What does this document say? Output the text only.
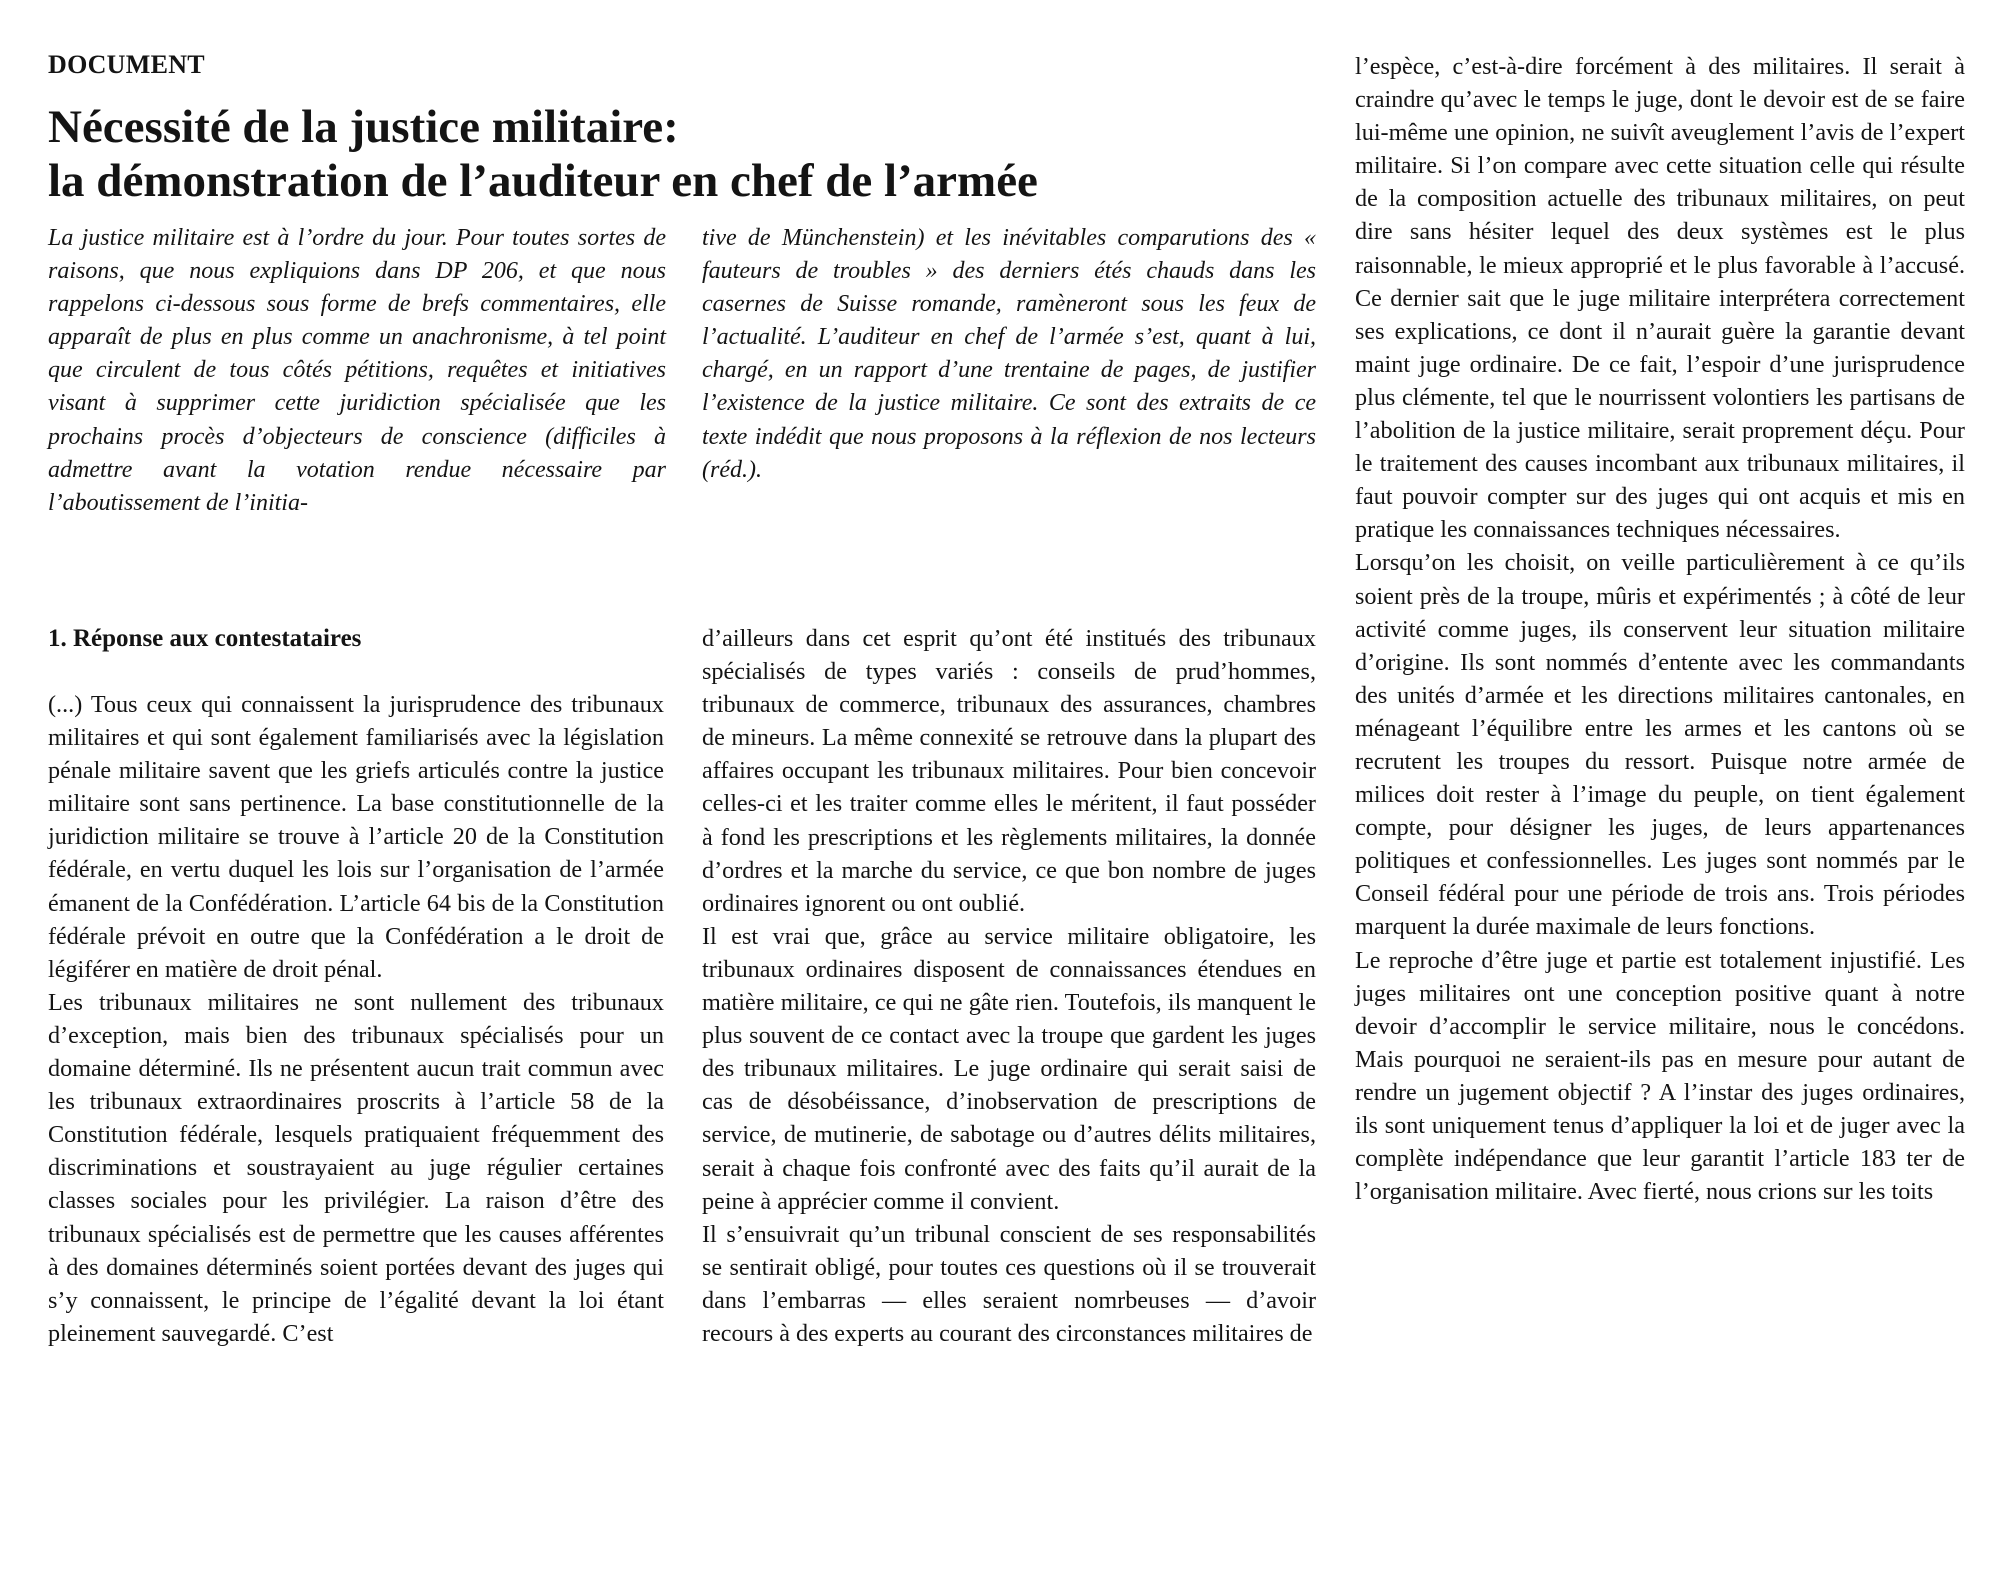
DOCUMENT
Nécessité de la justice militaire:
la démonstration de l’auditeur en chef de l’armée

La justice militaire est à l’ordre du jour. Pour toutes sortes de raisons, que nous expliquions dans DP 206, et que nous rappelons ci-dessous sous forme de brefs commentaires, elle apparaît de plus en plus comme un anachronisme, à tel point que circulent de tous côtés pétitions, requêtes et initiatives visant à supprimer cette juridiction spécialisée que les prochains procès d’objecteurs de conscience (difficiles à admettre avant la votation rendue nécessaire par l’aboutissement de l’initia-

tive de Münchenstein) et les inévitables comparutions des « fauteurs de troubles » des derniers étés chauds dans les casernes de Suisse romande, ramèneront sous les feux de l’actualité. L’auditeur en chef de l’armée s’est, quant à lui, chargé, en un rapport d’une trentaine de pages, de justifier l’existence de la justice militaire. Ce sont des extraits de ce texte indédit que nous proposons à la réflexion de nos lecteurs (réd.).

1. Réponse aux contestataires

(...) Tous ceux qui connaissent la jurisprudence des tribunaux militaires et qui sont également familiarisés avec la législation pénale militaire savent que les griefs articulés contre la justice militaire sont sans pertinence. La base constitutionnelle de la juridiction militaire se trouve à l’article 20 de la Constitution fédérale, en vertu duquel les lois sur l’organisation de l’armée émanent de la Confédération. L’article 64 bis de la Constitution fédérale prévoit en outre que la Confédération a le droit de légiférer en matière de droit pénal.

Les tribunaux militaires ne sont nullement des tribunaux d’exception, mais bien des tribunaux spécialisés pour un domaine déterminé. Ils ne présentent aucun trait commun avec les tribunaux extraordinaires proscrits à l’article 58 de la Constitution fédérale, lesquels pratiquaient fréquemment des discriminations et soustrayaient au juge régulier certaines classes sociales pour les privilégier. La raison d’être des tribunaux spécialisés est de permettre que les causes afférentes à des domaines déterminés soient portées devant des juges qui s’y connaissent, le principe de l’égalité devant la loi étant pleinement sauvegardé. C’est

d’ailleurs dans cet esprit qu’ont été institués des tribunaux spécialisés de types variés : conseils de prud’hommes, tribunaux de commerce, tribunaux des assurances, chambres de mineurs. La même connexité se retrouve dans la plupart des affaires occupant les tribunaux militaires. Pour bien concevoir celles-ci et les traiter comme elles le méritent, il faut posséder à fond les prescriptions et les règlements militaires, la donnée d’ordres et la marche du service, ce que bon nombre de juges ordinaires ignorent ou ont oublié.

Il est vrai que, grâce au service militaire obligatoire, les tribunaux ordinaires disposent de connaissances étendues en matière militaire, ce qui ne gâte rien. Toutefois, ils manquent le plus souvent de ce contact avec la troupe que gardent les juges des tribunaux militaires. Le juge ordinaire qui serait saisi de cas de désobéissance, d’inobservation de prescriptions de service, de mutinerie, de sabotage ou d’autres délits militaires, serait à chaque fois confronté avec des faits qu’il aurait de la peine à apprécier comme il convient.

Il s’ensuivrait qu’un tribunal conscient de ses responsabilités se sentirait obligé, pour toutes ces questions où il se trouverait dans l’embarras — elles seraient nomrbeuses — d’avoir recours à des experts au courant des circonstances militaires de

l’espèce, c’est-à-dire forcément à des militaires. Il serait à craindre qu’avec le temps le juge, dont le devoir est de se faire lui-même une opinion, ne suivît aveuglement l’avis de l’expert militaire. Si l’on compare avec cette situation celle qui résulte de la composition actuelle des tribunaux militaires, on peut dire sans hésiter lequel des deux systèmes est le plus raisonnable, le mieux approprié et le plus favorable à l’accusé. Ce dernier sait que le juge militaire interprétera correctement ses explications, ce dont il n’aurait guère la garantie devant maint juge ordinaire. De ce fait, l’espoir d’une jurisprudence plus clémente, tel que le nourrissent volontiers les partisans de l’abolition de la justice militaire, serait proprement déçu. Pour le traitement des causes incombant aux tribunaux militaires, il faut pouvoir compter sur des juges qui ont acquis et mis en pratique les connaissances techniques nécessaires.

Lorsqu’on les choisit, on veille particulièrement à ce qu’ils soient près de la troupe, mûris et expérimentés ; à côté de leur activité comme juges, ils conservent leur situation militaire d’origine. Ils sont nommés d’entente avec les commandants des unités d’armée et les directions militaires cantonales, en ménageant l’équilibre entre les armes et les cantons où se recrutent les troupes du ressort. Puisque notre armée de milices doit rester à l’image du peuple, on tient également compte, pour désigner les juges, de leurs appartenances politiques et confessionnelles. Les juges sont nommés par le Conseil fédéral pour une période de trois ans. Trois périodes marquent la durée maximale de leurs fonctions.

Le reproche d’être juge et partie est totalement injustifié. Les juges militaires ont une conception positive quant à notre devoir d’accomplir le service militaire, nous le concédons. Mais pourquoi ne seraient-ils pas en mesure pour autant de rendre un jugement objectif ? A l’instar des juges ordinaires, ils sont uniquement tenus d’appliquer la loi et de juger avec la complète indépendance que leur garantit l’article 183 ter de l’organisation militaire. Avec fierté, nous crions sur les toits
